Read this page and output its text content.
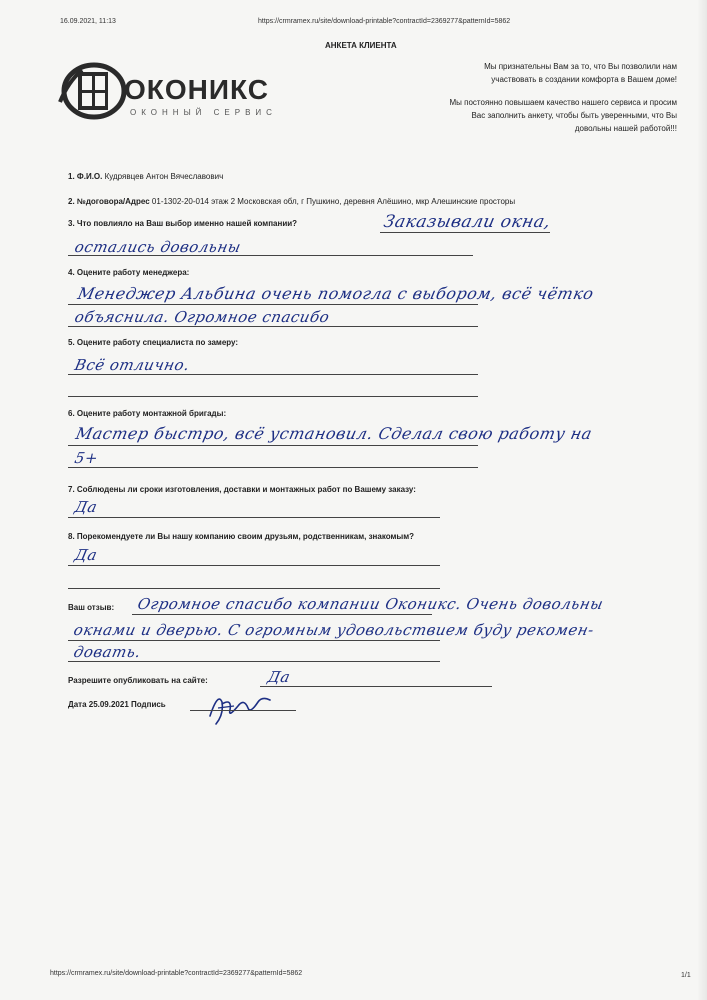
16.09.2021, 11:13	https://crmramex.ru/site/download-printable?contractId=2369277&patternId=5862
АНКЕТА КЛИЕНТА
ОКОНИКС
ОКОННЫЙ СЕРВИС
Мы признательны Вам за то, что Вы позволили нам
участвовать в создании комфорта в Вашем доме!
Мы постоянно повышаем качество нашего сервиса и просим
Вас заполнить анкету, чтобы быть уверенными, что Вы
довольны нашей работой!!!
1. Ф.И.О. Кудрявцев Антон Вячеславович
2. №договора/Адрес 01-1302-20-014 этаж 2 Московская обл, г Пушкино, деревня Алёшино, мкр Алешинские просторы
3. Что повлияло на Ваш выбор именно нашей компании?	Заказывали окна,
остались довольны
4. Оцените работу менеджера:
Менеджер Альбина очень помогла с выбором, всё чётко
объяснила. Огромное спасибо
5. Оцените работу специалиста по замеру:
Всё отлично.
6. Оцените работу монтажной бригады:
Мастер быстро, всё установил. Сделал свою работу на
5+
7. Соблюдены ли сроки изготовления, доставки и монтажных работ по Вашему заказу:
Да
8. Порекомендуете ли Вы нашу компанию своим друзьям, родственникам, знакомым?
Да
Ваш отзыв: Огромное спасибо компании Оконикс. Очень довольны
окнами и дверью. С огромным удовольствием буду рекомен-
довать.
Разрешите опубликовать на сайте:	Да
Дата 25.09.2021 Подпись
https://crmramex.ru/site/download-printable?contractId=2369277&patternId=5862	1/1
